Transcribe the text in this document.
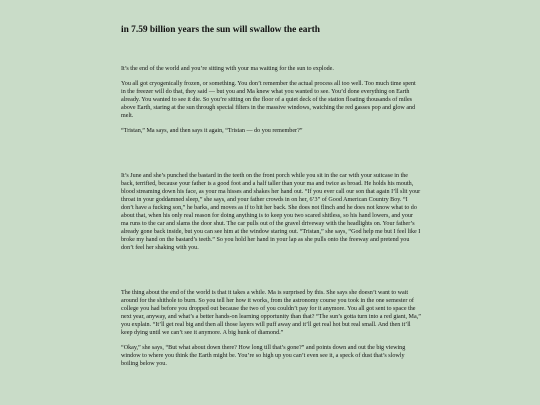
in 7.59 billion years the sun will swallow the earth

It’s the end of the world and you’re sitting with your ma waiting for the sun to explode.

You all got cryogenically frozen, or something. You don’t remember the actual process all too well. Too much time spent in the freezer will do that, they said — but you and Ma knew what you wanted to see. You’d done everything on Earth already. You wanted to see it die. So you’re sitting on the floor of a quiet deck of the station floating thousands of miles above Earth, staring at the sun through special filters in the massive windows, watching the red gasses pop and glow and melt.

“Tristan,” Ma says, and then says it again, “Tristan — do you remember?”

It’s June and she’s punched the bastard in the teeth on the front porch while you sit in the car with your suitcase in the back, terrified, because your father is a good foot and a half taller than your ma and twice as broad. He holds his mouth, blood streaming down his face, as your ma hisses and shakes her hand out. “If you ever call our son that again I’ll slit your throat in your goddamned sleep,” she says, and your father crowds in on her, 6’3” of Good American Country Boy. “I don’t have a fucking son,” he barks, and moves as if to hit her back. She does not flinch and he does not know what to do about that, when his only real reason for doing anything is to keep you two scared shitless, so his hand lowers, and your ma runs to the car and slams the door shut. The car pulls out of the gravel driveway with the headlights on. Your father’s already gone back inside, but you can see him at the window staring out. “Tristan,” she says, “God help me but I feel like I broke my hand on the bastard’s teeth.” So you hold her hand in your lap as she pulls onto the freeway and pretend you don’t feel her shaking with you.

The thing about the end of the world is that it takes a while. Ma is surprised by this. She says she doesn’t want to wait around for the shithole to burn. So you tell her how it works, from the astronomy course you took in the one semester of college you had before you dropped out because the two of you couldn’t pay for it anymore. You all got sent to space the next year, anyway, and what’s a better hands-on learning opportunity than that? “The sun’s gotta turn into a red giant, Ma,” you explain. “It’ll get real big and then all those layers will puff away and it’ll get real hot but real small. And then it’ll keep dying until we can’t see it anymore. A big hunk of diamond.”

“Okay,” she says, “But what about down there? How long till that’s gone?” and points down and out the big viewing window to where you think the Earth might be. You’re so high up you can’t even see it, a speck of dust that’s slowly boiling below you.
